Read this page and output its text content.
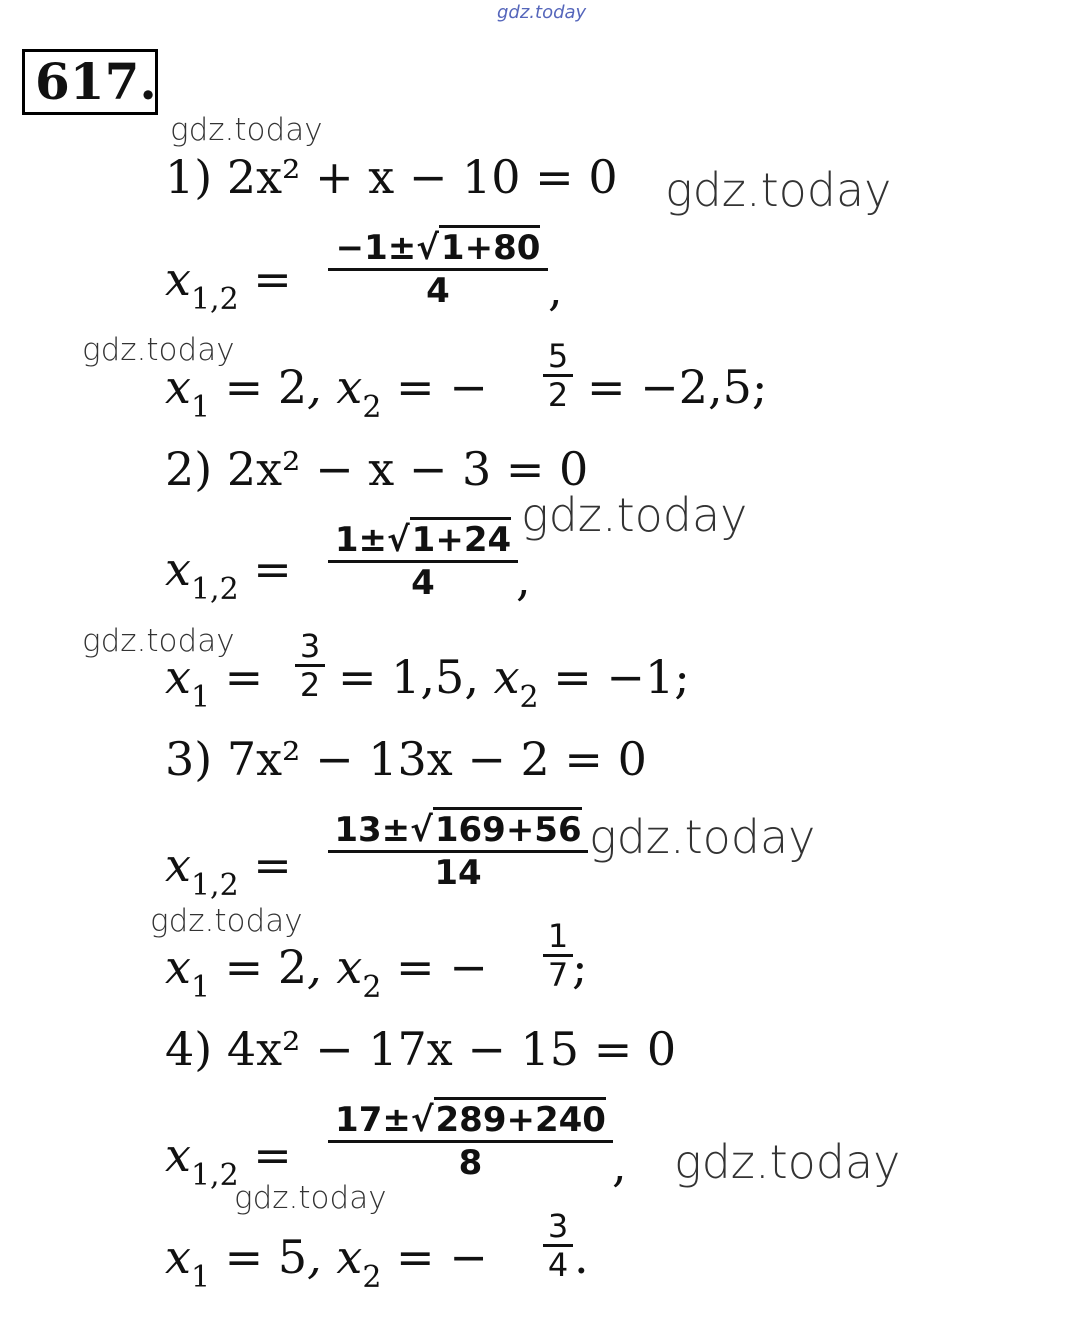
gdz.today
gdz.today
gdz.today
gdz.today
gdz.today
gdz.today
gdz.today
gdz.today
gdz.today
gdz.today
617.
1) 2x² + x − 10 = 0
$x_{1,2}$ =
−1±√1+80
4	,
$x_1 = 2$, $x_2$ = −
5
2 = −2,5;
2) 2x² − x − 3 = 0
$x_{1,2}$ =
1±√1+24
4	,
$x_1$ =
3
2 = 1,5, $x_2 = -1$;
3) 7x² − 13x − 2 = 0
$x_{1,2}$ =
13±√169+56
14
$x_1 = 2$, $x_2$ = −
1
7 ;
4) 4x² − 17x − 15 = 0
$x_{1,2}$ =
17±√289+240
8	,
$x_1 = 5$, $x_2$ = −
3
4 .
